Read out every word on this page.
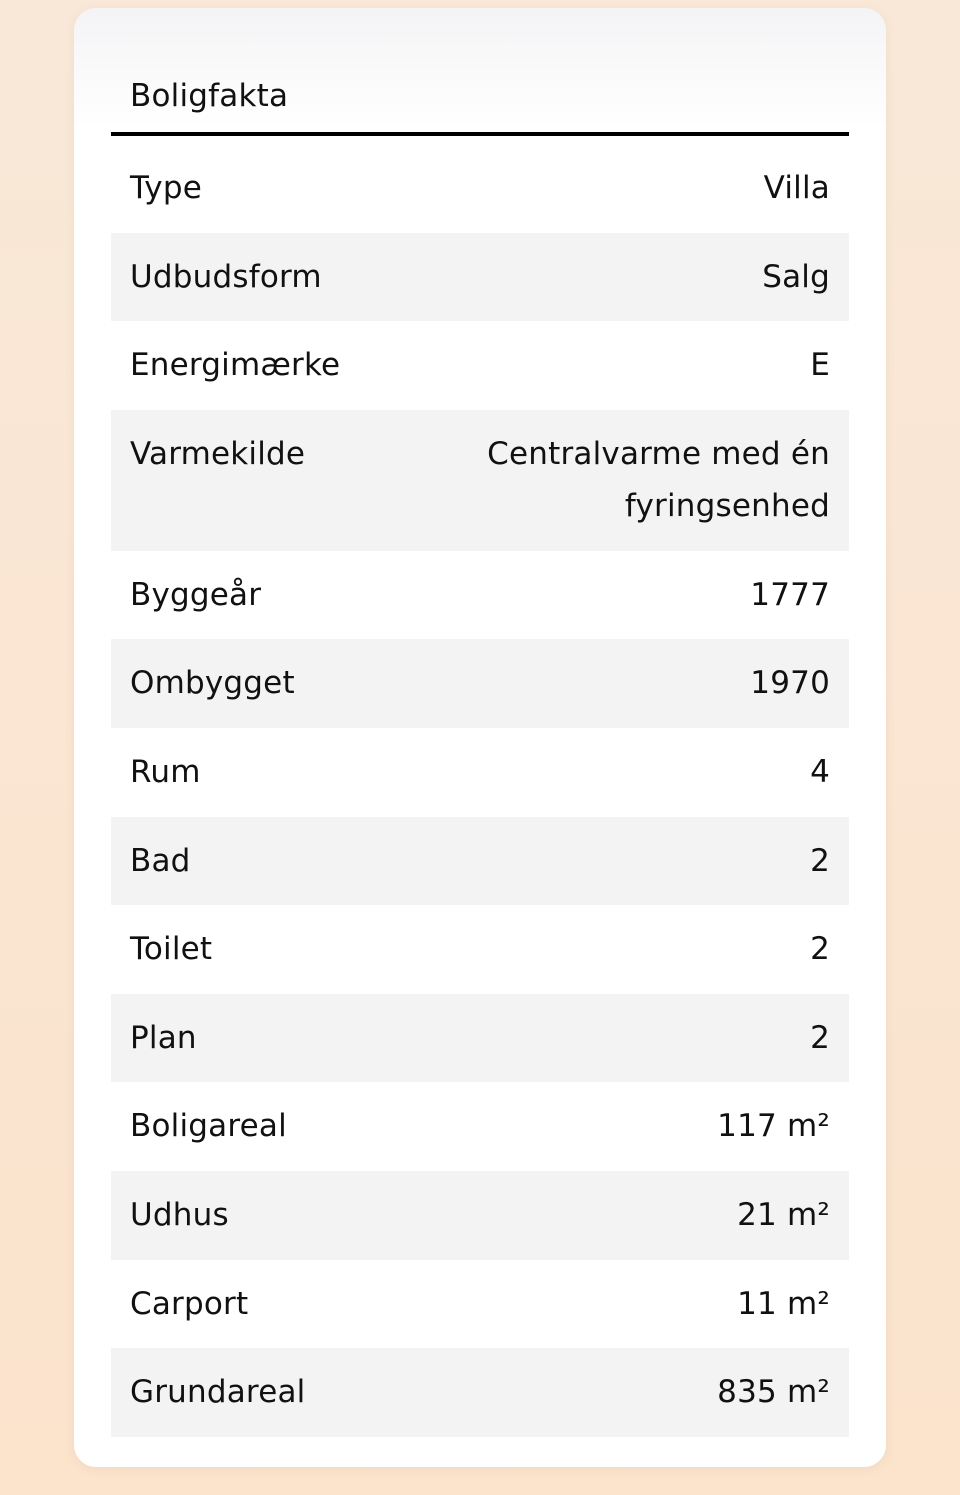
Boligfakta
Type	Villa
Udbudsform	Salg
Energimærke	E
Varmekilde	Centralvarme med én fyringsenhed
Byggeår	1777
Ombygget	1970
Rum	4
Bad	2
Toilet	2
Plan	2
Boligareal	117 m²
Udhus	21 m²
Carport	11 m²
Grundareal	835 m²
